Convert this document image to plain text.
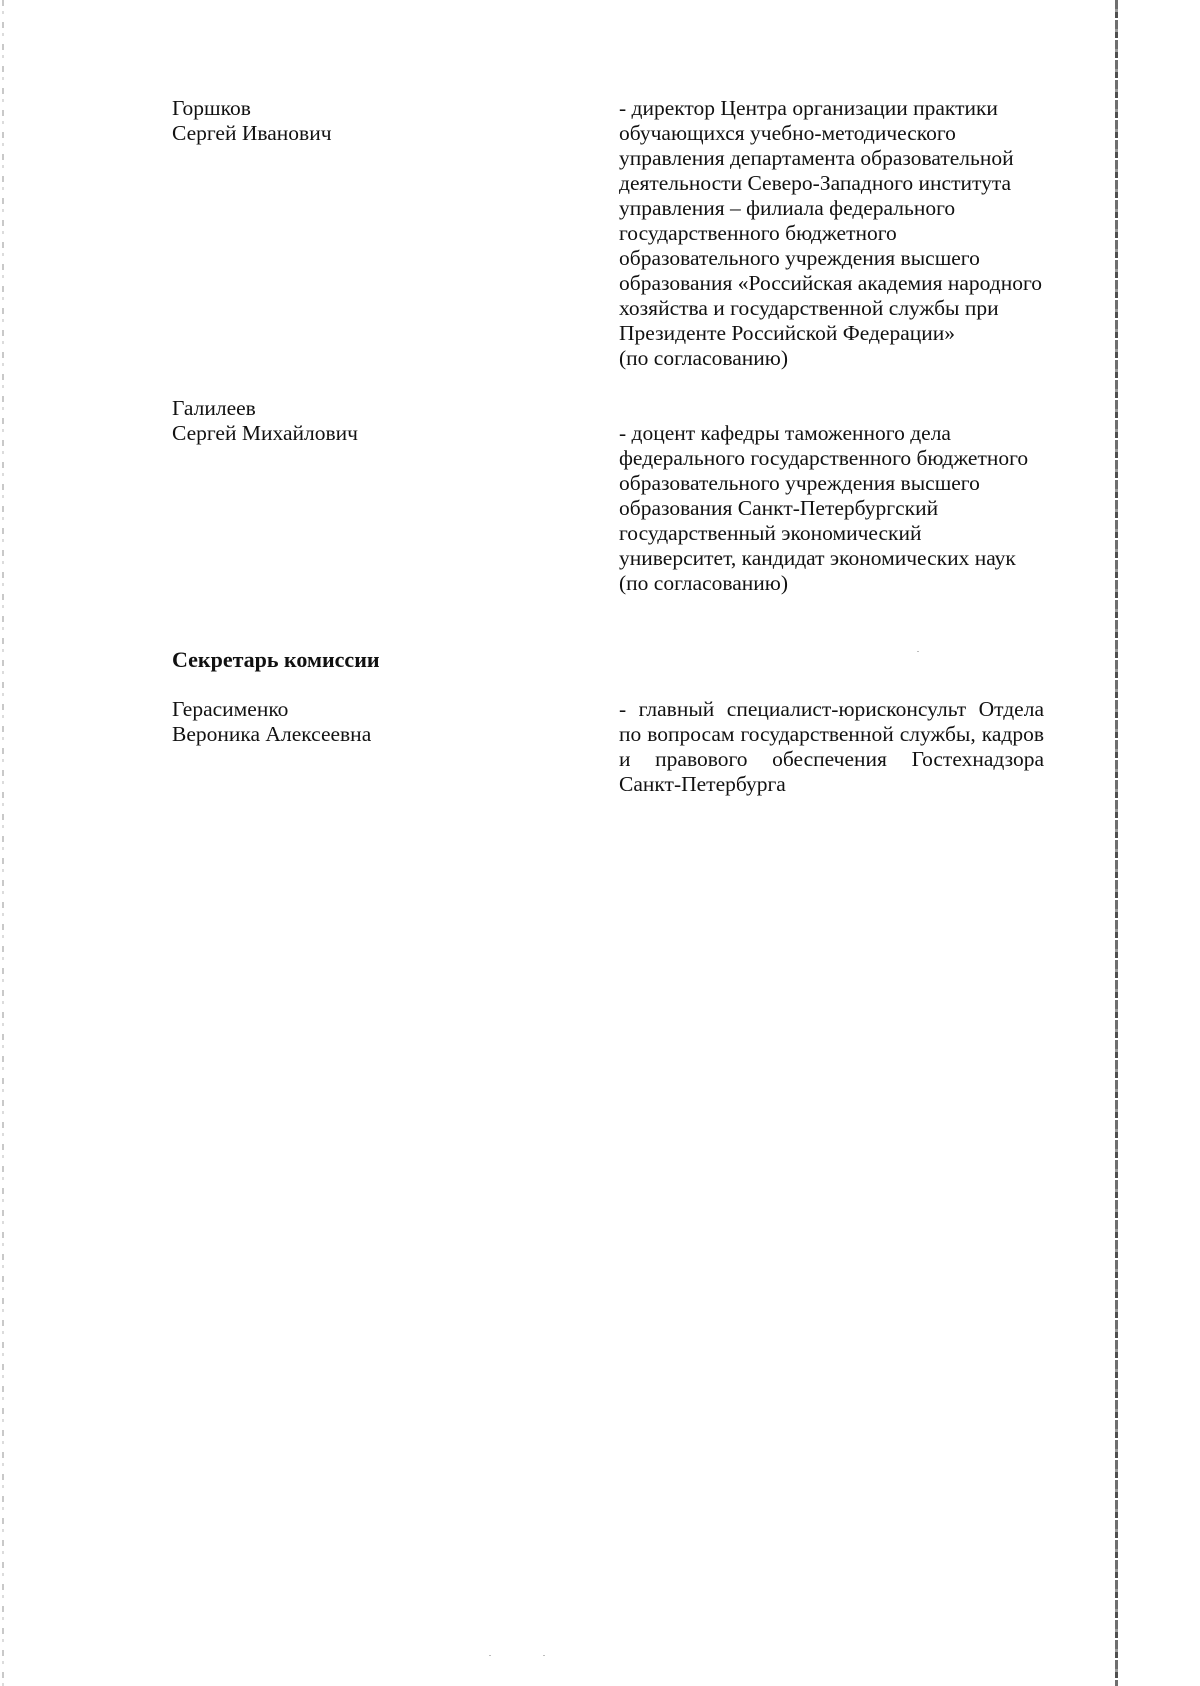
Горшков
Сергей Иванович

- директор Центра организации практики обучающихся учебно-методического управления департамента образовательной деятельности Северо-Западного института управления – филиала федерального государственного бюджетного образовательного учреждения высшего образования «Российская академия народного хозяйства и государственной службы при Президенте Российской Федерации»

(по согласованию)

Галилеев
Сергей Михайлович	- доцент кафедры таможенного дела федерального государственного бюджетного образовательного учреждения высшего образования Санкт-Петербургский государственный экономический университет, кандидат экономических наук

(по согласованию)

Секретарь комиссии
Герасименко
Вероника Алексеевна

- главный специалист-юрисконсульт Отдела по вопросам государственной службы, кадров и правового обеспечения Гостехнадзора Санкт-Петербурга
